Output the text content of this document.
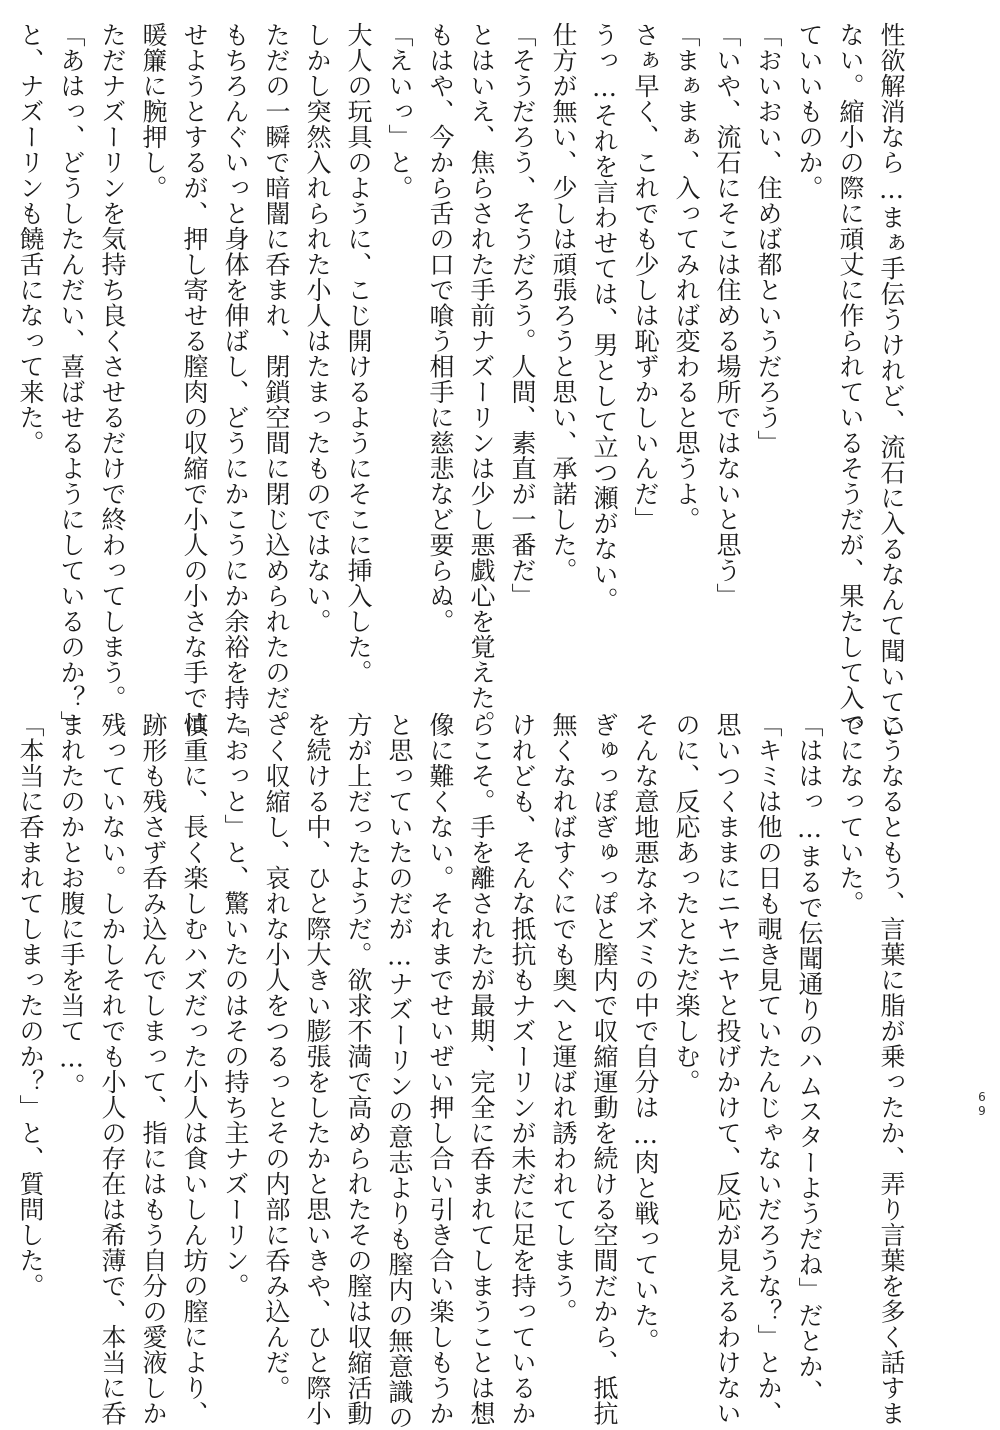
性欲解消なら…まぁ手伝うけれど、流石に入るなんて聞いてい

ない。縮小の際に頑丈に作られているそうだが、果たして入っ

ていいものか。

「おいおい、住めば都というだろう」

「いや、流石にそこは住める場所ではないと思う」

「まぁまぁ、入ってみれば変わると思うよ。

さぁ早く、これでも少しは恥ずかしいんだ」

うっ…それを言わせては、男として立つ瀬がない。

仕方が無い、少しは頑張ろうと思い、承諾した。

「そうだろう、そうだろう。人間、素直が一番だ」

とはいえ、焦らされた手前ナズーリンは少し悪戯心を覚えた。

もはや、今から舌の口で喰う相手に慈悲など要らぬ。

「えいっ」と。

大人の玩具のように、こじ開けるようにそこに挿入した。

しかし突然入れられた小人はたまったものではない。

ただの一瞬で暗闇に呑まれ、閉鎖空間に閉じ込められたのだ。

もちろんぐいっと身体を伸ばし、どうにかこうにか余裕を持た

せようとするが、押し寄せる膣肉の収縮で小人の小さな手では

暖簾に腕押し。

ただナズーリンを気持ち良くさせるだけで終わってしまう。

「あはっ、どうしたんだい、喜ばせるようにしているのか？」

と、ナズーリンも饒舌になって来た。

こうなるともう、言葉に脂が乗ったか、弄り言葉を多く話すま

でになっていた。

「ははっ…まるで伝聞通りのハムスターようだね」だとか、

「キミは他の日も覗き見ていたんじゃないだろうな？」とか、

思いつくままにニヤニヤと投げかけて、反応が見えるわけない

のに、反応あったとただ楽しむ。

そんな意地悪なネズミの中で自分は…肉と戦っていた。

ぎゅっぽぎゅっぽと膣内で収縮運動を続ける空間だから、抵抗

無くなればすぐにでも奥へと運ばれ誘われてしまう。

けれども、そんな抵抗もナズーリンが未だに足を持っているか

らこそ。手を離されたが最期、完全に呑まれてしまうことは想

像に難くない。それまでせいぜい押し合い引き合い楽しもうか

と思っていたのだが…ナズーリンの意志よりも膣内の無意識の

方が上だったようだ。欲求不満で高められたその膣は収縮活動

を続ける中、ひと際大きい膨張をしたかと思いきや、ひと際小

さく収縮し、哀れな小人をつるっとその内部に呑み込んだ。

「おっと」と、驚いたのはその持ち主ナズーリン。

慎重に、長く楽しむハズだった小人は食いしん坊の膣により、

跡形も残さず呑み込んでしまって、指にはもう自分の愛液しか

残っていない。しかしそれでも小人の存在は希薄で、本当に呑

まれたのかとお腹に手を当て…。

「本当に呑まれてしまったのか？」と、質問した。	69
